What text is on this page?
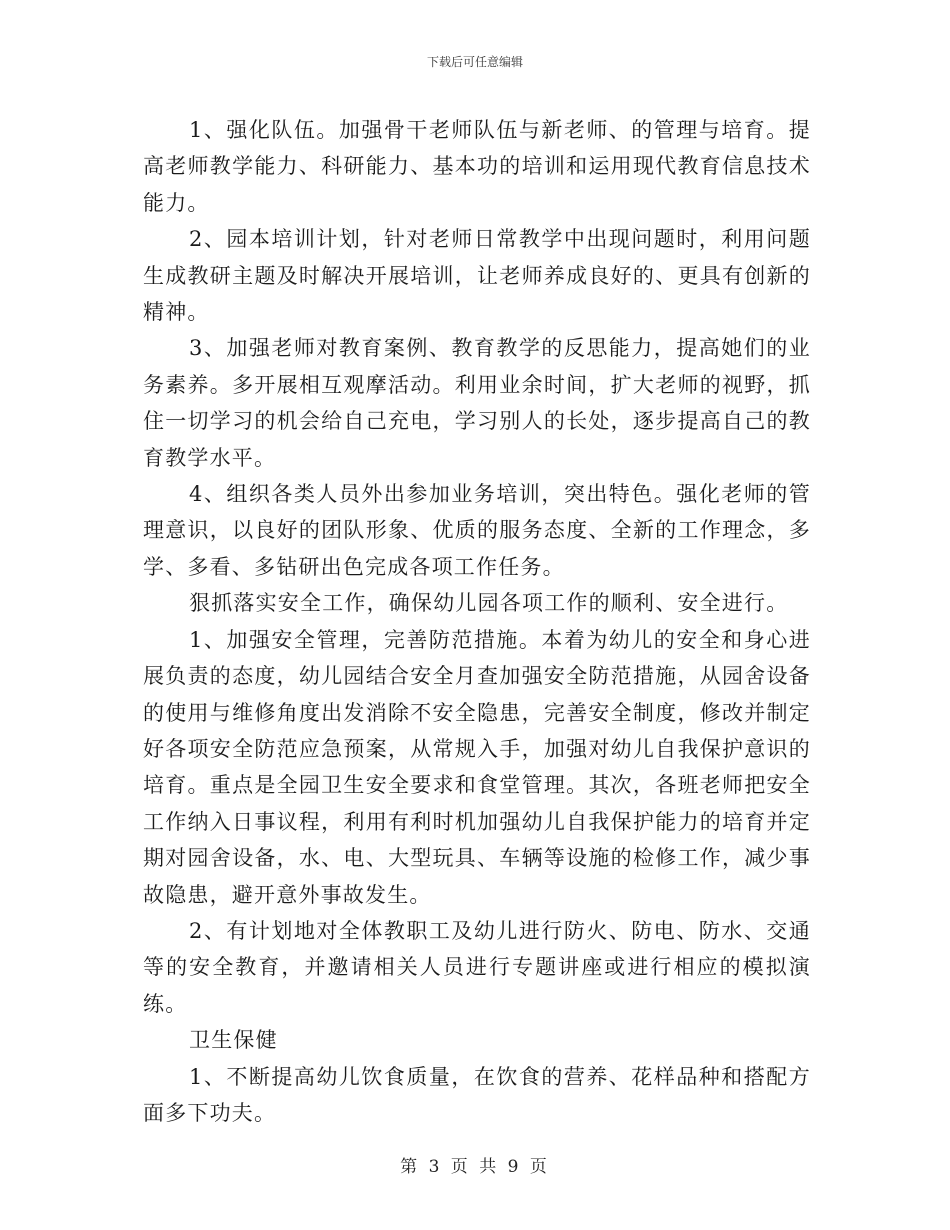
下载后可任意编辑

1、强化队伍。加强骨干老师队伍与新老师、的管理与培育。提高老师教学能力、科研能力、基本功的培训和运用现代教育信息技术能力。

2、园本培训计划，针对老师日常教学中出现问题时，利用问题生成教研主题及时解决开展培训，让老师养成良好的、更具有创新的精神。

3、加强老师对教育案例、教育教学的反思能力，提高她们的业务素养。多开展相互观摩活动。利用业余时间，扩大老师的视野，抓住一切学习的机会给自己充电，学习别人的长处，逐步提高自己的教育教学水平。

4、组织各类人员外出参加业务培训，突出特色。强化老师的管理意识，以良好的团队形象、优质的服务态度、全新的工作理念，多学、多看、多钻研出色完成各项工作任务。

狠抓落实安全工作，确保幼儿园各项工作的顺利、安全进行。

1、加强安全管理，完善防范措施。本着为幼儿的安全和身心进展负责的态度，幼儿园结合安全月查加强安全防范措施，从园舍设备的使用与维修角度出发消除不安全隐患，完善安全制度，修改并制定好各项安全防范应急预案，从常规入手，加强对幼儿自我保护意识的培育。重点是全园卫生安全要求和食堂管理。其次，各班老师把安全工作纳入日事议程，利用有利时机加强幼儿自我保护能力的培育并定期对园舍设备，水、电、大型玩具、车辆等设施的检修工作，减少事故隐患，避开意外事故发生。

2、有计划地对全体教职工及幼儿进行防火、防电、防水、交通等的安全教育，并邀请相关人员进行专题讲座或进行相应的模拟演练。

卫生保健

1、不断提高幼儿饮食质量，在饮食的营养、花样品种和搭配方面多下功夫。

第 3 页 共 9 页
